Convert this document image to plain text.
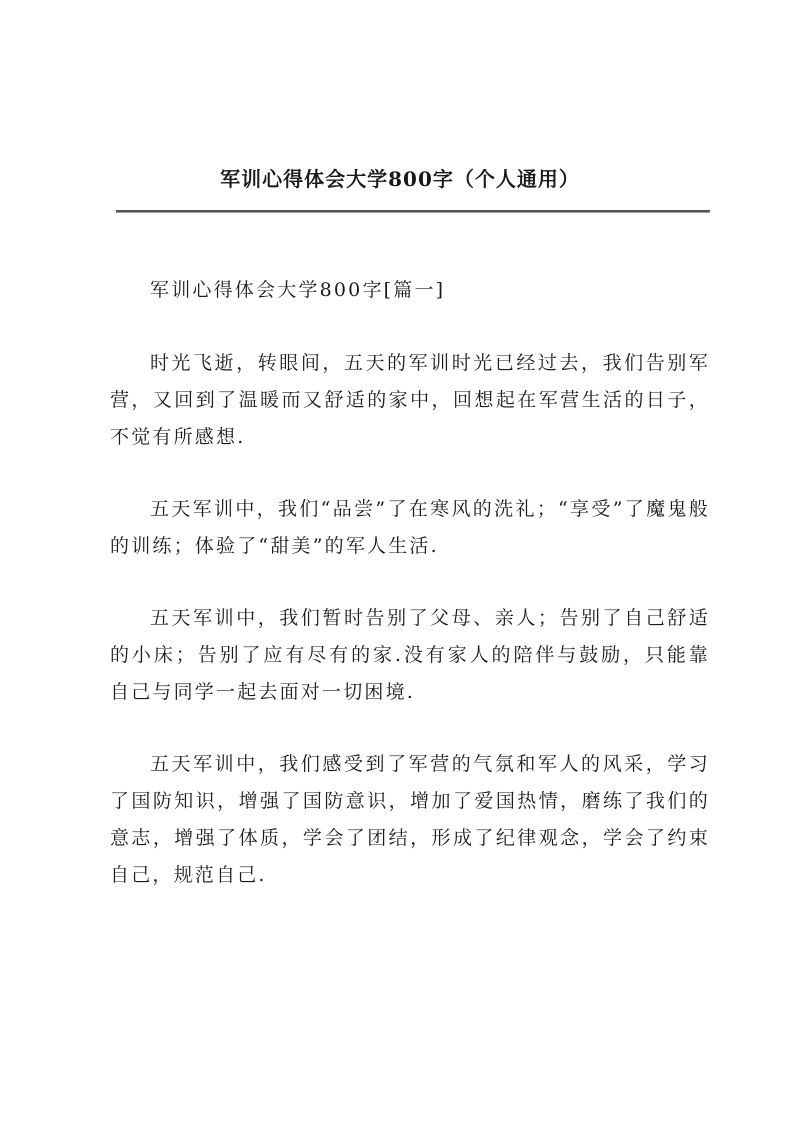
军训心得体会大学800字（个人通用）

军训心得体会大学800字[篇一]

时光飞逝，转眼间，五天的军训时光已经过去，我们告别军营，又回到了温暖而又舒适的家中，回想起在军营生活的日子，不觉有所感想.

五天军训中，我们“品尝”了在寒风的洗礼；“享受”了魔鬼般的训练；体验了“甜美”的军人生活.

五天军训中，我们暂时告别了父母、亲人；告别了自己舒适的小床；告别了应有尽有的家.没有家人的陪伴与鼓励，只能靠自己与同学一起去面对一切困境.

五天军训中，我们感受到了军营的气氛和军人的风采，学习了国防知识，增强了国防意识，增加了爱国热情，磨练了我们的意志，增强了体质，学会了团结，形成了纪律观念，学会了约束自己，规范自己.
